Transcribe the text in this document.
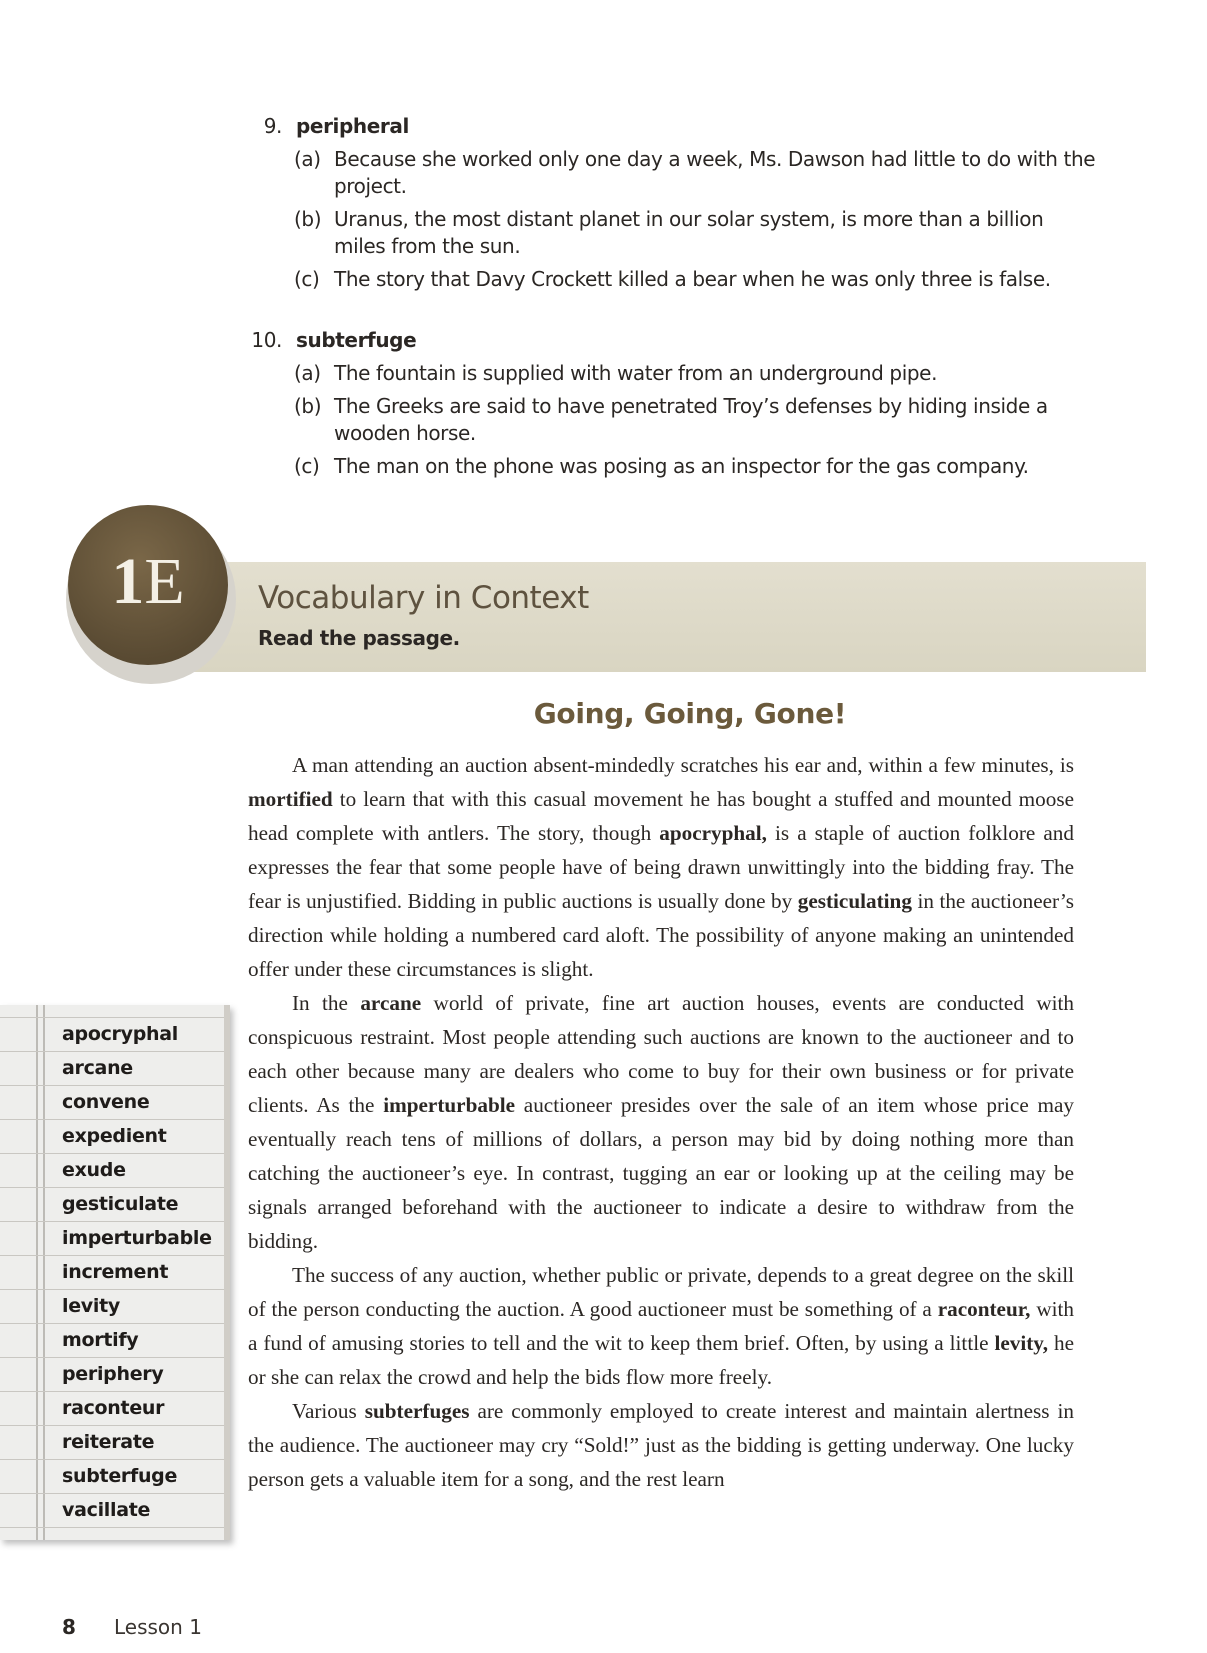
9. peripheral
(a) Because she worked only one day a week, Ms. Dawson had little to do with the project.
(b) Uranus, the most distant planet in our solar system, is more than a billion miles from the sun.
(c) The story that Davy Crockett killed a bear when he was only three is false.
10. subterfuge
(a) The fountain is supplied with water from an underground pipe.
(b) The Greeks are said to have penetrated Troy’s defenses by hiding inside a wooden horse.
(c) The man on the phone was posing as an inspector for the gas company.
1E	Vocabulary in Context
Read the passage.
Going, Going, Gone!

A man attending an auction absent-mindedly scratches his ear and, within a few minutes, is mortified to learn that with this casual movement he has bought a stuffed and mounted moose head complete with antlers. The story, though apocryphal, is a staple of auction folklore and expresses the fear that some people have of being drawn unwittingly into the bidding fray. The fear is unjustified. Bidding in public auctions is usually done by gesticulating in the auctioneer’s direction while holding a numbered card aloft. The possibility of anyone making an unintended offer under these circumstances is slight.

In the arcane world of private, fine art auction houses, events are conducted with conspicuous restraint. Most people attending such auctions are known to the auctioneer and to each other because many are dealers who come to buy for their own business or for private clients. As the imperturbable auctioneer presides over the sale of an item whose price may eventually reach tens of millions of dollars, a person may bid by doing nothing more than catching the auctioneer’s eye. In contrast, tugging an ear or looking up at the ceiling may be signals arranged beforehand with the auctioneer to indicate a desire to withdraw from the bidding.

The success of any auction, whether public or private, depends to a great degree on the skill of the person conducting the auction. A good auctioneer must be something of a raconteur, with a fund of amusing stories to tell and the wit to keep them brief. Often, by using a little levity, he or she can relax the crowd and help the bids flow more freely.

Various subterfuges are commonly employed to create interest and maintain alertness in the audience. The auctioneer may cry “Sold!” just as the bidding is getting underway. One lucky person gets a valuable item for a song, and the rest learn

apocryphal
arcane
convene
expedient
exude
gesticulate
imperturbable
increment
levity
mortify
periphery
raconteur
reiterate
subterfuge
vacillate
8 Lesson 1
